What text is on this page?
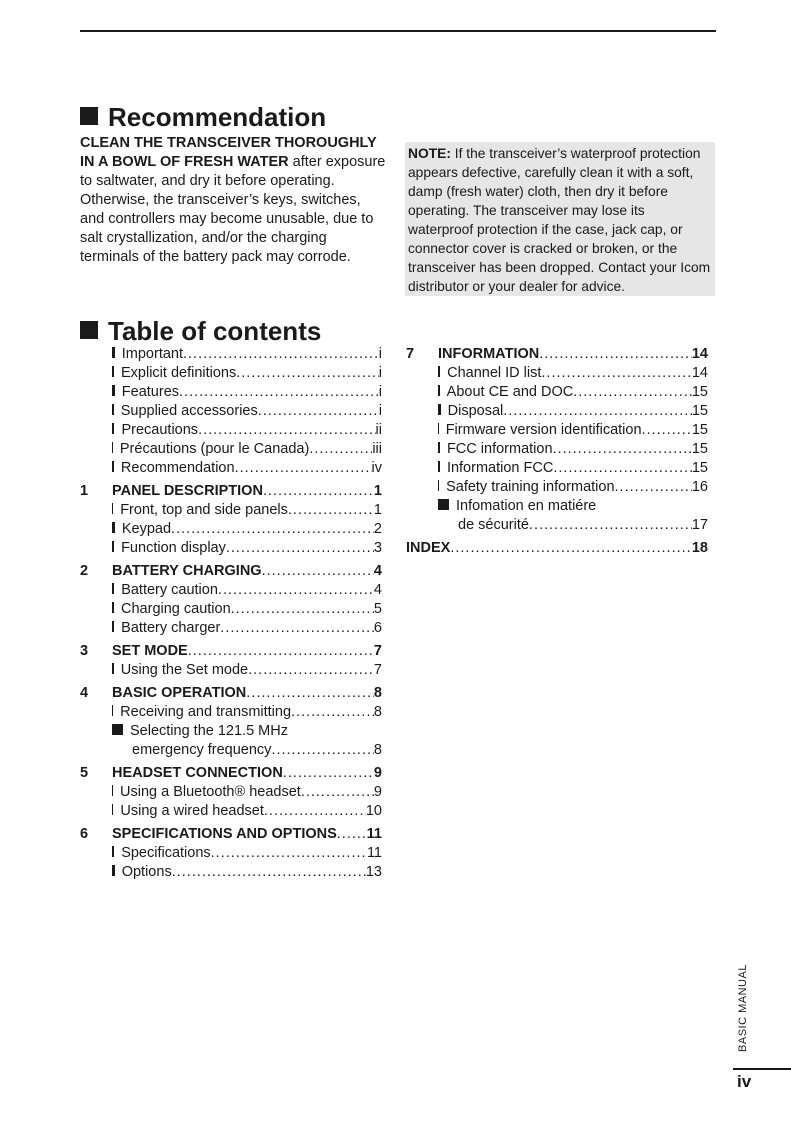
Recommendation
CLEAN THE TRANSCEIVER THOROUGHLY IN A BOWL OF FRESH WATER after exposure to saltwater, and dry it before operating. Otherwise, the transceiver’s keys, switches, and controllers may become unusable, due to salt crystallization, and/or the charging terminals of the battery pack may corrode.
NOTE: If the transceiver’s waterproof protection appears defective, carefully clean it with a soft, damp (fresh water) cloth, then dry it before operating. The transceiver may lose its waterproof protection if the case, jack cap, or connector cover is cracked or broken, or the transceiver has been dropped. Contact your Icom distributor or your dealer for advice.
Table of contents
Important .....	i
Explicit definitions .....	i
Features .....	i
Supplied accessories .....	i
Precautions .....	ii
Précautions (pour le Canada) .....	iii
Recommendation .....	iv
1 PANEL DESCRIPTION .....	1
Front, top and side panels .....	1
Keypad .....	2
Function display .....	3
2 BATTERY CHARGING .....	4
Battery caution .....	4
Charging caution .....	5
Battery charger .....	6
3 SET MODE .....	7
Using the Set mode .....	7
4 BASIC OPERATION .....	8
Receiving and transmitting .....	8
Selecting the 121.5 MHz
emergency frequency .....	8
5 HEADSET CONNECTION .....	9
Using a Bluetooth® headset .....	9
Using a wired headset .....	10
6 SPECIFICATIONS AND OPTIONS ..... 11
Specifications .....	11
Options .....	13
7 INFORMATION .....	14
Channel ID list .....	14
About CE and DOC .....	15
Disposal .....	15
Firmware version identification .....	15
FCC information .....	15
Information FCC .....	15
Safety training information .....	16
Infomation en matiére
de sécurité .....	17
INDEX .....	18
BASIC MANUAL
iv
